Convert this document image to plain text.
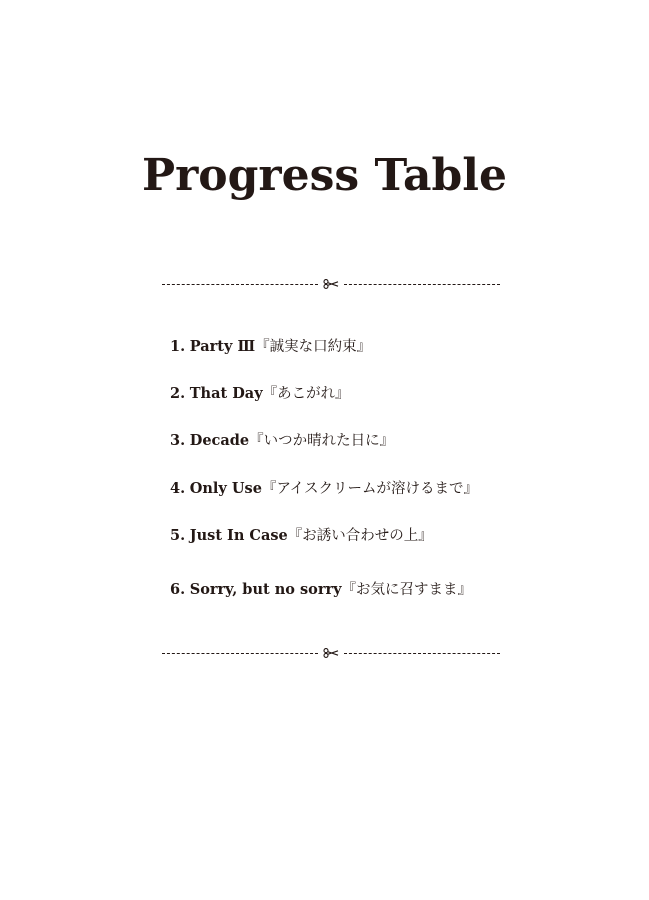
Progress Table
1. Party Ⅲ『誠実な口約束』
2. That Day『あこがれ』
3. Decade『いつか晴れた日に』
4. Only Use『アイスクリームが溶けるまで』
5. Just In Case『お誘い合わせの上』
6. Sorry, but no sorry『お気に召すまま』
